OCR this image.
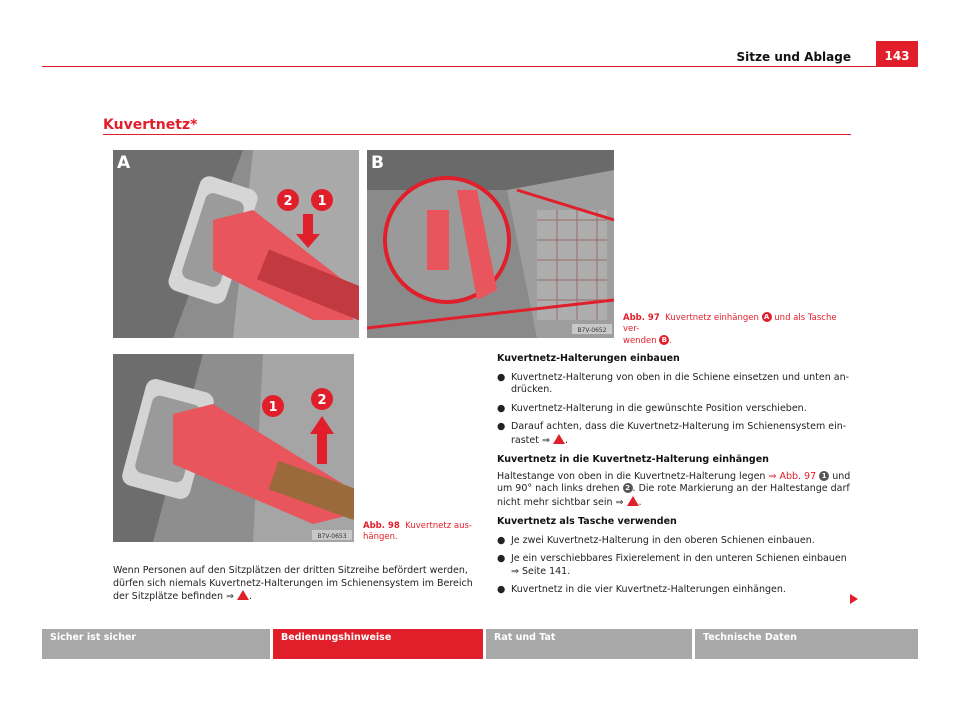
Sitze und Ablage	143
Kuvertnetz*
A
2 1
B
B7V-0652
Abb. 97 Kuvertnetz einhängen A und als Tasche ver-
wenden B .
1	2
B7V-0653
Abb. 98 Kuvertnetz aus-
hängen.
Wenn Personen auf den Sitzplätzen der dritten Sitzreihe befördert werden,
dürfen sich niemals Kuvertnetz-Halterungen im Schienensystem im Bereich
der Sitzplätze befinden ⇒ .
Kuvertnetz-Halterungen einbauen
● Kuvertnetz-Halterung von oben in die Schiene einsetzen und unten an-
drücken.
● Kuvertnetz-Halterung in die gewünschte Position verschieben.
● Darauf achten, dass die Kuvertnetz-Halterung im Schienensystem ein-
rastet ⇒ .
Kuvertnetz in die Kuvertnetz-Halterung einhängen
Haltestange von oben in die Kuvertnetz-Halterung legen ⇒ Abb. 97 1 und
um 90° nach links drehen 2 . Die rote Markierung an der Haltestange darf
nicht mehr sichtbar sein ⇒ .
Kuvertnetz als Tasche verwenden
● Je zwei Kuvertnetz-Halterung in den oberen Schienen einbauen.
● Je ein verschiebbares Fixierelement in den unteren Schienen einbauen
⇒ Seite 141.
● Kuvertnetz in die vier Kuvertnetz-Halterungen einhängen.
Sicher ist sicher	Bedienungshinweise	Rat und Tat	Technische Daten
